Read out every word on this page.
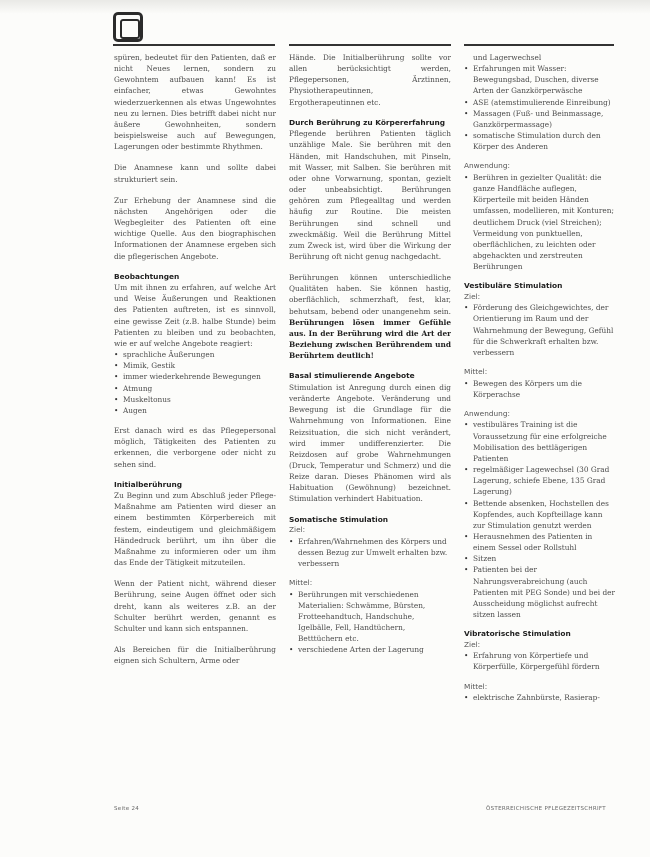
spüren, bedeutet für den Patienten, daß er nicht Neues lernen, sondern zu Gewohntem aufbauen kann! Es ist einfacher, etwas Gewohntes wiederzuerkennen als etwas Ungewohntes neu zu lernen. Dies betrifft dabei nicht nur äußere Gewohnheiten, sondern beispielsweise auch auf Bewegungen, Lagerungen oder bestimmte Rhythmen.

Die Anamnese kann und sollte dabei strukturiert sein.

Zur Erhebung der Anamnese sind die nächsten Angehörigen oder die Wegbegleiter des Patienten oft eine wichtige Quelle. Aus den biographischen Informationen der Anamnese ergeben sich die pflegerischen Angebote.

Beobachtungen

Um mit ihnen zu erfahren, auf welche Art und Weise Äußerungen und Reaktionen des Patienten auftreten, ist es sinnvoll, eine gewisse Zeit (z.B. halbe Stunde) beim Patienten zu bleiben und zu beobachten, wie er auf welche Angebote reagiert:

• sprachliche Äußerungen
• Mimik, Gestik
• immer wiederkehrende Bewegungen
• Atmung
• Muskeltonus
• Augen

Erst danach wird es das Pflegepersonal möglich, Tätigkeiten des Patienten zu erkennen, die verborgene oder nicht zu sehen sind.

Initialberührung

Zu Beginn und zum Abschluß jeder Pflege-Maßnahme am Patienten wird dieser an einem bestimmten Körperbereich mit festem, eindeutigem und gleichmäßigem Händedruck berührt, um ihn über die Maßnahme zu informieren oder um ihm das Ende der Tätigkeit mitzuteilen.

Wenn der Patient nicht, während dieser Berührung, seine Augen öffnet oder sich dreht, kann als weiteres z.B. an der Schulter berührt werden, genannt es Schulter und kann sich entspannen.

Als Bereichen für die Initialberührung eignen sich Schultern, Arme oder

Hände. Die Initialberührung sollte vor allen berücksichtigt werden, Pflegepersonen, Ärztinnen, Physiotherapeutinnen, Ergotherapeutinnen etc.

Durch Berührung zu Körpererfahrung

Pflegende berühren Patienten täglich unzählige Male. Sie berühren mit den Händen, mit Handschuhen, mit Pinseln, mit Wasser, mit Salben. Sie berühren mit oder ohne Vorwarnung, spontan, gezielt oder unbeabsichtigt. Berührungen gehören zum Pflegealltag und werden häufig zur Routine. Die meisten Berührungen sind schnell und zweckmäßig. Weil die Berührung Mittel zum Zweck ist, wird über die Wirkung der Berührung oft nicht genug nachgedacht.

Berührungen können unterschiedliche Qualitäten haben. Sie können hastig, oberflächlich, schmerzhaft, fest, klar, behutsam, bebend oder unangenehm sein. Berührungen lösen immer Gefühle aus. In der Berührung wird die Art der Beziehung zwischen Berührendem und Berührtem deutlich!

Basal stimulierende Angebote

Stimulation ist Anregung durch einen dig veränderte Angebote. Veränderung und Bewegung ist die Grundlage für die Wahrnehmung von Informationen. Eine Reizsituation, die sich nicht verändert, wird immer undifferenzierter. Die Reizdosen auf grobe Wahrnehmungen (Druck, Temperatur und Schmerz) und die Reize daran. Dieses Phänomen wird als Habituation (Gewöhnung) bezeichnet. Stimulation verhindert Habituation.

Somatische Stimulation
Ziel:
• Erfahren/Wahrnehmen des Körpers und dessen Bezug zur Umwelt erhalten bzw. verbessern
Mittel:
• Berührungen mit verschiedenen Materialien: Schwämme, Bürsten, Frotteehandtuch, Handschuhe, Igelbälle, Fell, Handtüchern, Betttüchern etc.
• verschiedene Arten der Lagerung
und Lagerwechsel
• Erfahrungen mit Wasser: Bewegungsbad, Duschen, diverse Arten der Ganzkörperwäsche
• ASE (atemstimulierende Einreibung)
• Massagen (Fuß- und Beinmassage, Ganzkörpermassage)
• somatische Stimulation durch den Körper des Anderen
Anwendung:
• Berühren in gezielter Qualität: die ganze Handfläche auflegen, Körperteile mit beiden Händen umfassen, modellieren, mit Konturen; deutlichem Druck (viel Streichen); Vermeidung von punktuellen, oberflächlichen, zu leichten oder abgehackten und zerstreuten Berührungen
Vestibuläre Stimulation
Ziel:
• Förderung des Gleichgewichtes, der Orientierung im Raum und der Wahrnehmung der Bewegung, Gefühl für die Schwerkraft erhalten bzw. verbessern
Mittel:
• Bewegen des Körpers um die Körperachse
Anwendung:
• vestibuläres Training ist die Voraussetzung für eine erfolgreiche Mobilisation des bettlägerigen Patienten
• regelmäßiger Lagewechsel (30 Grad Lagerung, schiefe Ebene, 135 Grad Lagerung)
• Bettende absenken, Hochstellen des Kopfendes, auch Kopfteillage kann zur Stimulation genutzt werden
• Herausnehmen des Patienten in einem Sessel oder Rollstuhl
• Sitzen
• Patienten bei der Nahrungsverabreichung (auch Patienten mit PEG Sonde) und bei der Ausscheidung möglichst aufrecht sitzen lassen
Vibratorische Stimulation
Ziel:
• Erfahrung von Körpertiefe und Körperfülle, Körpergefühl fördern
Mittel:
• elektrische Zahnbürste, Rasierap-
Seite 24	ÖSTERREICHISCHE PFLEGEZEITSCHRIFT
